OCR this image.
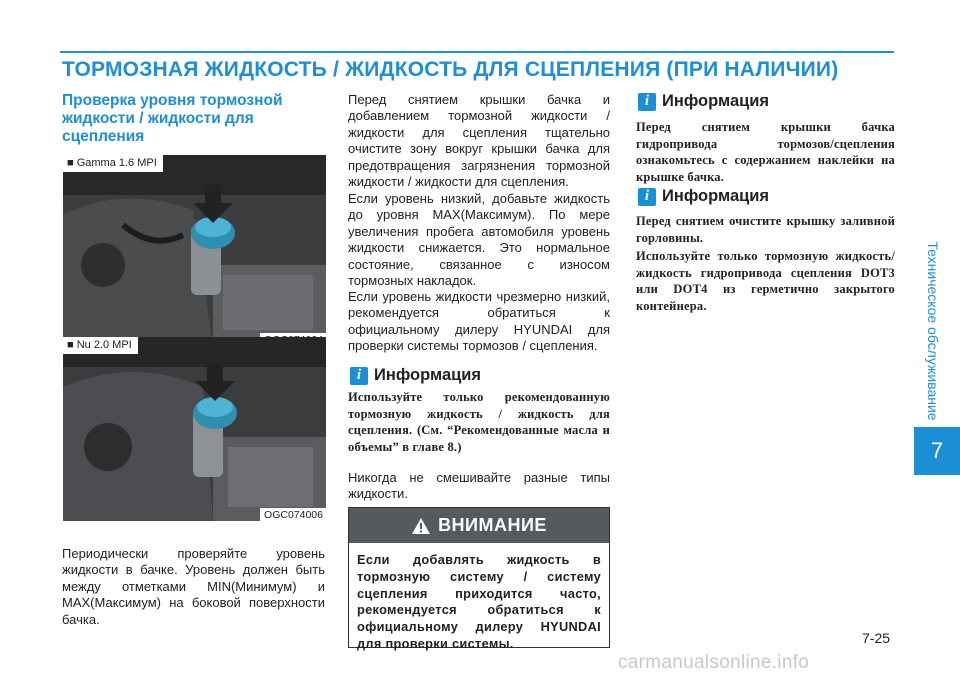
ТОРМОЗНАЯ ЖИДКОСТЬ / ЖИДКОСТЬ ДЛЯ СЦЕПЛЕНИЯ (ПРИ НАЛИЧИИ)
Проверка уровня тормозной жидкости / жидкости для сцепления
■ Gamma 1.6 MPI
■ Nu 2.0 MPI
OGC074006
Периодически проверяйте уровень жидкости в бачке. Уровень должен быть между отметками MIN(Минимум) и MAX(Максимум) на боковой поверхности бачка.
Перед снятием крышки бачка и добавлением тормозной жидкости / жидкости для сцепления тщательно очистите зону вокруг крышки бачка для предотвращения загрязнения тормозной жидкости / жидкости для сцепления.
Если уровень низкий, добавьте жидкость до уровня MAX(Максимум). По мере увеличения пробега автомобиля уровень жидкости снижается. Это нормальное состояние, связанное с износом тормозных накладок.
Если уровень жидкости чрезмерно низкий, рекомендуется обратиться к официальному дилеру HYUNDAI для проверки системы тормозов / сцепления.
i Информация
Используйте только рекомендованную тормозную жидкость / жидкость для сцепления. (См. “Рекомендованные масла и объемы” в главе 8.)
Никогда не смешивайте разные типы жидкости.
ВНИМАНИЕ
Если добавлять жидкость в тормозную систему / систему сцепления приходится часто, рекомендуется обратиться к официальному дилеру HYUNDAI для проверки системы.
i Информация
Перед снятием крышки бачка гидропривода тормозов/сцепления ознакомьтесь с содержанием наклейки на крышке бачка.
i Информация
Перед снятием очистите крышку заливной горловины.
Используйте только тормозную жидкость/жидкость гидропривода сцепления DOT3 или DOT4 из герметично закрытого контейнера.	Техническое обслуживание
7
7-25
carmanualsonline.info
